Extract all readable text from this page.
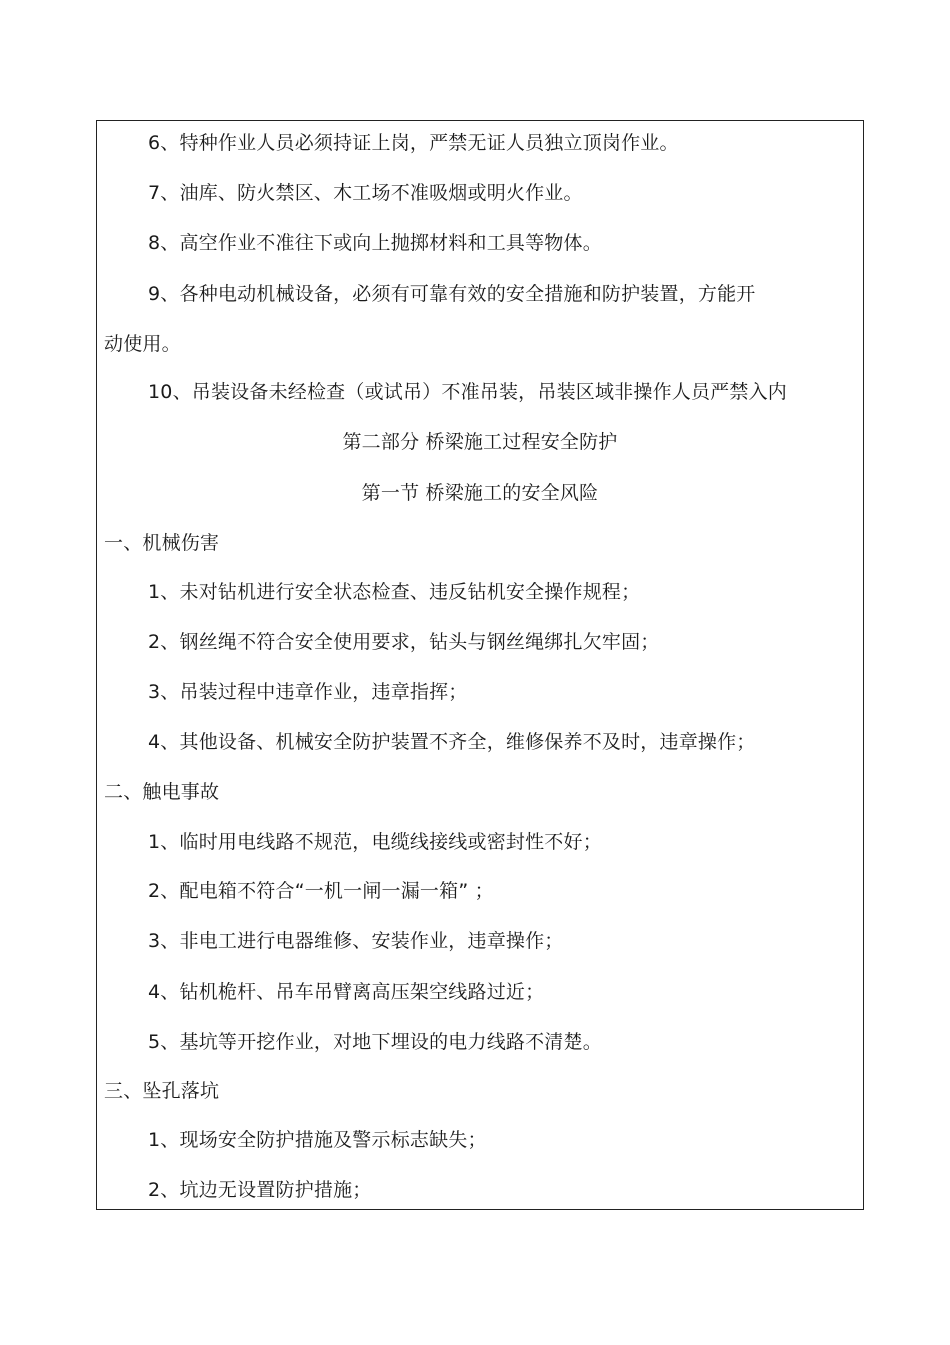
6、特种作业人员必须持证上岗，严禁无证人员独立顶岗作业。
7、油库、防火禁区、木工场不准吸烟或明火作业。
8、高空作业不准往下或向上抛掷材料和工具等物体。
9、各种电动机械设备，必须有可靠有效的安全措施和防护装置，方能开
动使用。
10、吊装设备未经检查（或试吊）不准吊装，吊装区域非操作人员严禁入内
第二部分 桥梁施工过程安全防护
第一节 桥梁施工的安全风险
一、机械伤害
1、未对钻机进行安全状态检查、违反钻机安全操作规程；
2、钢丝绳不符合安全使用要求，钻头与钢丝绳绑扎欠牢固；
3、吊装过程中违章作业，违章指挥；
4、其他设备、机械安全防护装置不齐全，维修保养不及时，违章操作；
二、触电事故
1、临时用电线路不规范，电缆线接线或密封性不好；
2、配电箱不符合“一机一闸一漏一箱” ；
3、非电工进行电器维修、安装作业，违章操作；
4、钻机桅杆、吊车吊臂离高压架空线路过近；
5、基坑等开挖作业，对地下埋设的电力线路不清楚。
三、坠孔落坑
1、现场安全防护措施及警示标志缺失；
2、坑边无设置防护措施；
